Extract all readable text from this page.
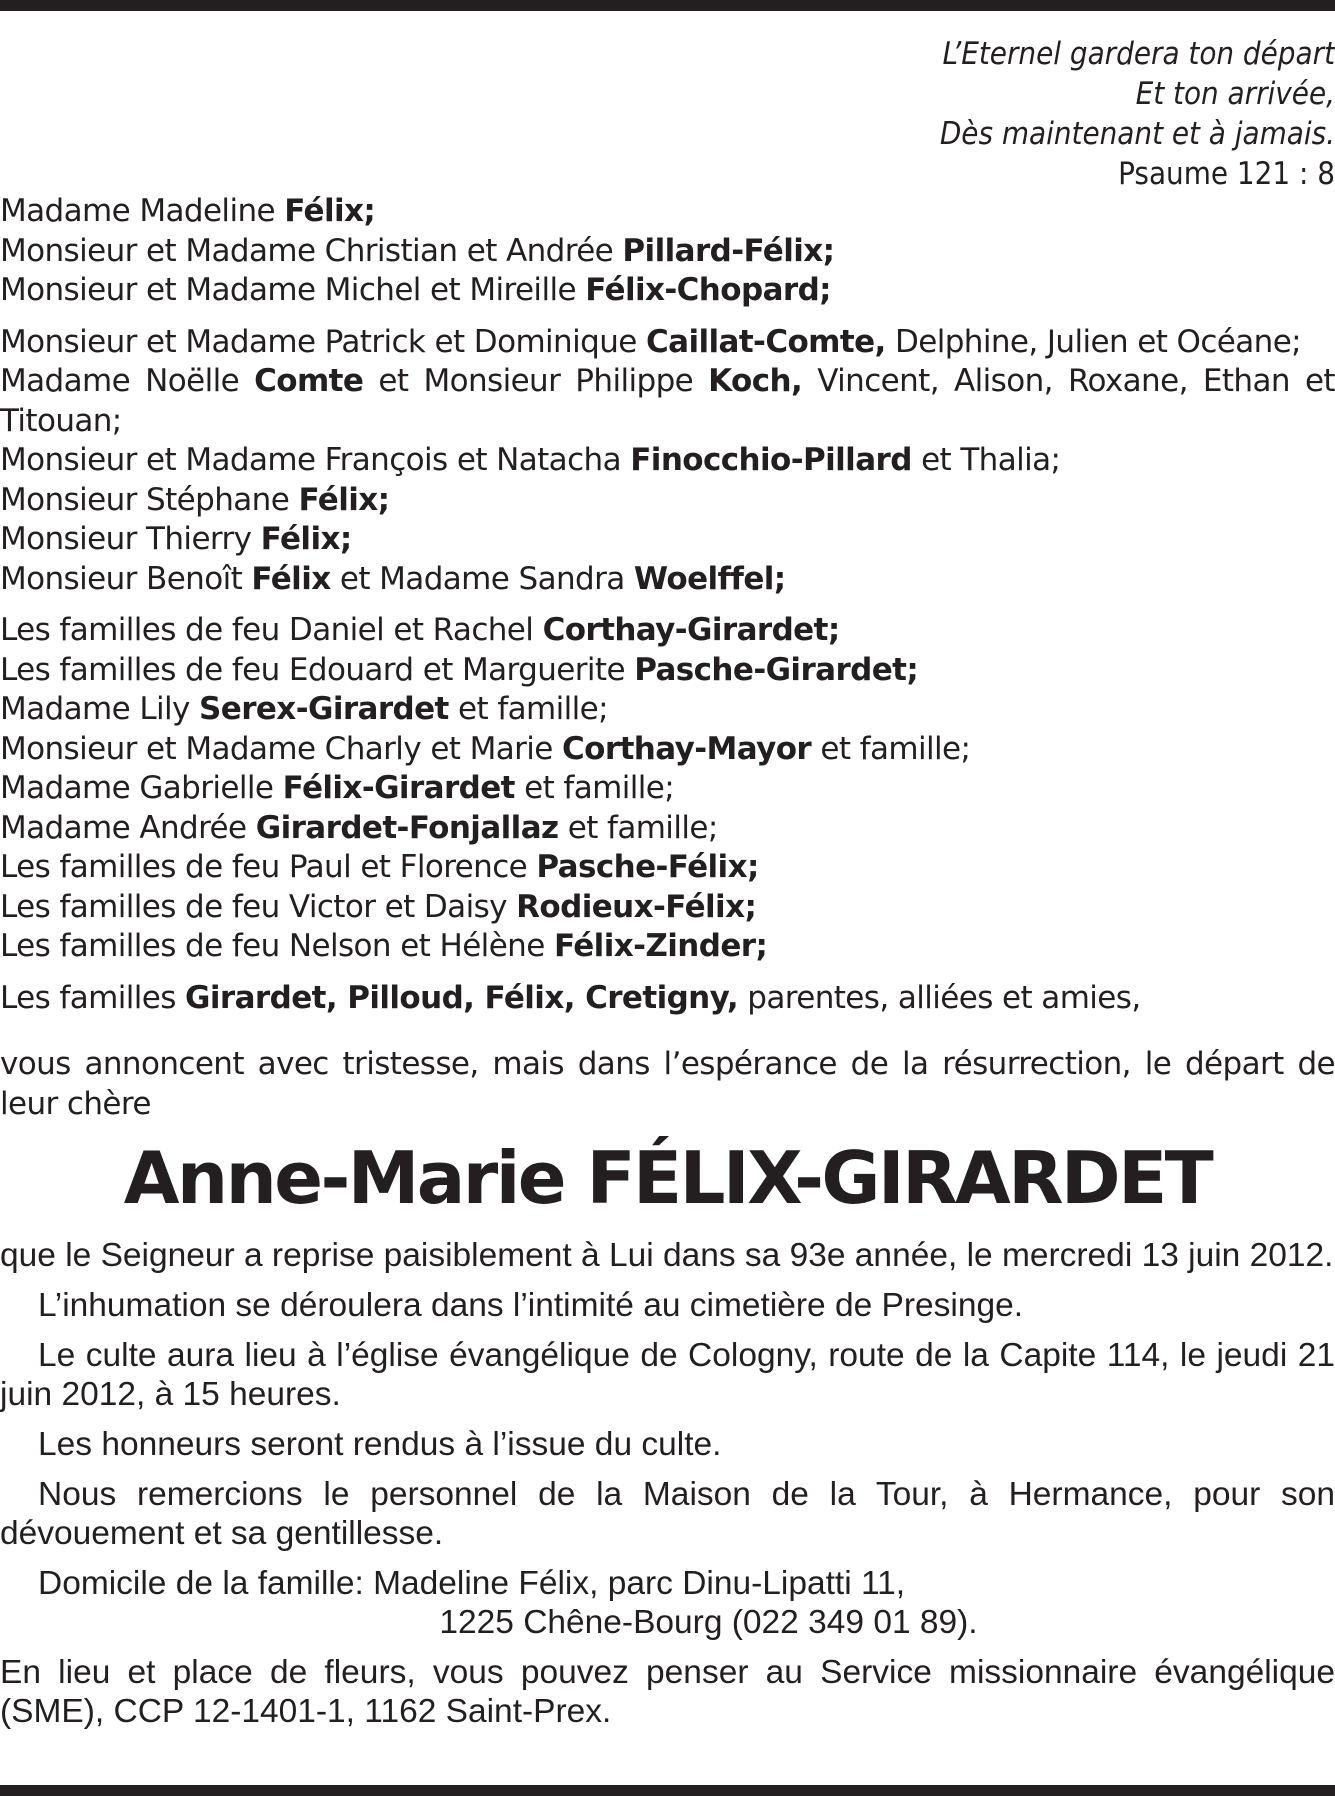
L’Eternel gardera ton départ
Et ton arrivée,
Dès maintenant et à jamais.
Psaume 121 : 8
Madame Madeline Félix;
Monsieur et Madame Christian et Andrée Pillard-Félix;
Monsieur et Madame Michel et Mireille Félix-Chopard;
Monsieur et Madame Patrick et Dominique Caillat-Comte, Delphine, Julien et Océane;
Madame Noëlle Comte et Monsieur Philippe Koch, Vincent, Alison, Roxane, Ethan et Titouan;
Monsieur et Madame François et Natacha Finocchio-Pillard et Thalia;
Monsieur Stéphane Félix;
Monsieur Thierry Félix;
Monsieur Benoît Félix et Madame Sandra Woelffel;
Les familles de feu Daniel et Rachel Corthay-Girardet;
Les familles de feu Edouard et Marguerite Pasche-Girardet;
Madame Lily Serex-Girardet et famille;
Monsieur et Madame Charly et Marie Corthay-Mayor et famille;
Madame Gabrielle Félix-Girardet et famille;
Madame Andrée Girardet-Fonjallaz et famille;
Les familles de feu Paul et Florence Pasche-Félix;
Les familles de feu Victor et Daisy Rodieux-Félix;
Les familles de feu Nelson et Hélène Félix-Zinder;
Les familles Girardet, Pilloud, Félix, Cretigny, parentes, alliées et amies,
vous annoncent avec tristesse, mais dans l’espérance de la résurrection, le départ de leur chère
Anne-Marie FÉLIX-GIRARDET

que le Seigneur a reprise paisiblement à Lui dans sa 93e année, le mercredi 13 juin 2012.

L’inhumation se déroulera dans l’intimité au cimetière de Presinge.

Le culte aura lieu à l’église évangélique de Cologny, route de la Capite 114, le jeudi 21 juin 2012, à 15 heures.

Les honneurs seront rendus à l’issue du culte.

Nous remercions le personnel de la Maison de la Tour, à Hermance, pour son dévouement et sa gentillesse.

Domicile de la famille: Madeline Félix, parc Dinu-Lipatti 11,

1225 Chêne-Bourg (022 349 01 89).

En lieu et place de fleurs, vous pouvez penser au Service missionnaire évangélique (SME), CCP 12-1401-1, 1162 Saint-Prex.
